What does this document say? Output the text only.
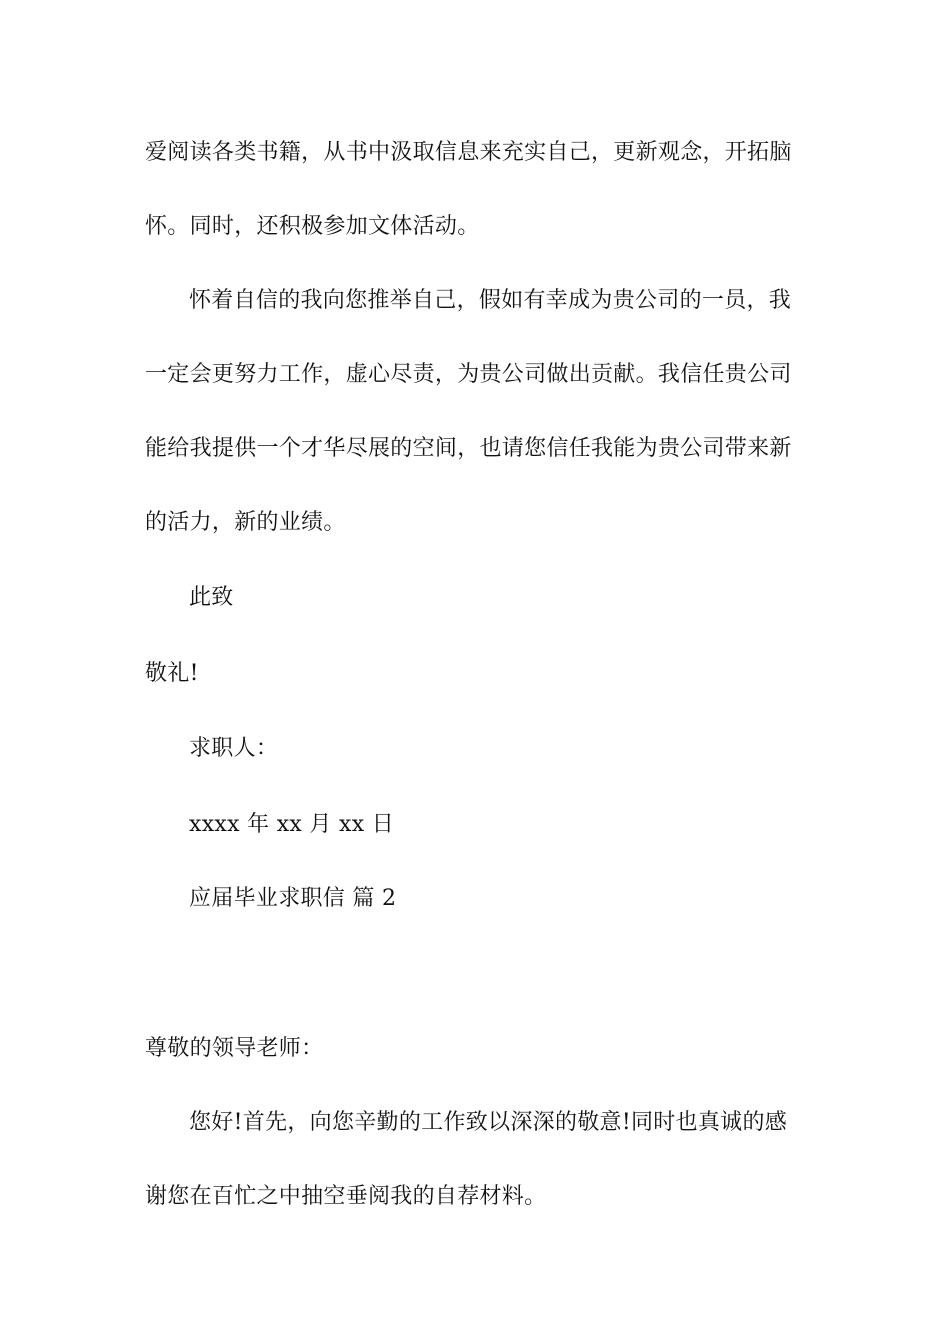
爱阅读各类书籍，从书中汲取信息来充实自己，更新观念，开拓脑
怀。同时，还积极参加文体活动。
怀着自信的我向您推举自己，假如有幸成为贵公司的一员，我
一定会更努力工作，虚心尽责，为贵公司做出贡献。我信任贵公司
能给我提供一个才华尽展的空间，也请您信任我能为贵公司带来新
的活力，新的业绩。
此致
敬礼!
求职人：
xxxx 年 xx 月 xx 日
应届毕业求职信 篇 2
尊敬的领导老师：
您好!首先，向您辛勤的工作致以深深的敬意!同时也真诚的感
谢您在百忙之中抽空垂阅我的自荐材料。
